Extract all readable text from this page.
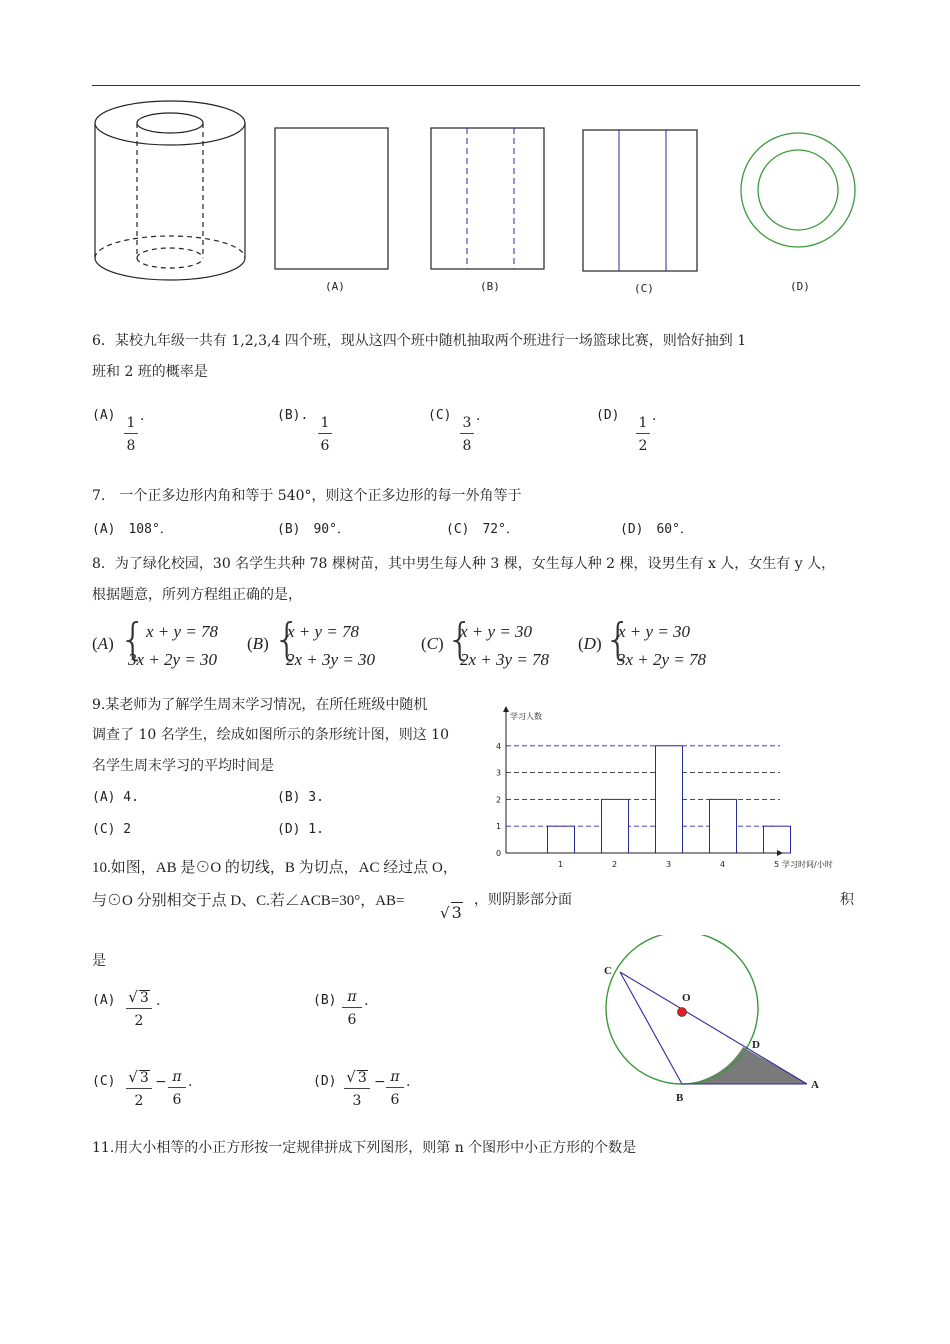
(A)	(B)	(C)	(D)
6．某校九年级一共有 1,2,3,4 四个班，现从这四个班中随机抽取两个班进行一场篮球比赛，则恰好抽到 1
班和 2 班的概率是
(A) 1
8
.	(B). 1
6
(C) 3
8
.	(D) 1
2
.
7.　一个正多边形内角和等于 540°，则这个正多边形的每一外角等于
(A)　108°．	(B)　90°．	(C)　72°．	(D)　60°．
8．为了绿化校园，30 名学生共种 78 棵树苗，其中男生每人种 3 棵，女生每人种 2 棵，设男生有 x 人，女生有 y 人，
根据题意，所列方程组正确的是，
(A) { x + y = 78
3x + 2y = 30
(B) {
x + y = 78
2x + 3y = 30
(C) {
x + y = 30
2x + 3y = 78
(D) {
x + y = 30
3x + 2y = 78
9.某老师为了解学生周末学习情况，在所任班级中随机
调查了 10 名学生，绘成如图所示的条形统计图，则这 10
名学生周末学习的平均时间是
(A) 4.	(B) 3.
(C) 2	(D) 1.
学习人数
学习时间/小时
0
1
2
3
4
1	2	3	4	5
10.如图，AB 是⊙O 的切线，B 为切点，AC 经过点 O，
与⊙O 分别相交于点 D、C.若∠ACB=30°，AB=
√ 3
，则阴影部分面	积
是
(A) √ 3
2
.	(B) π
6
.
(C) √ 3
2
− π
6
.	(D) √ 3
3
− π
6
.
C
O
D
B
A
11.用大小相等的小正方形按一定规律拼成下列图形，则第 n 个图形中小正方形的个数是
